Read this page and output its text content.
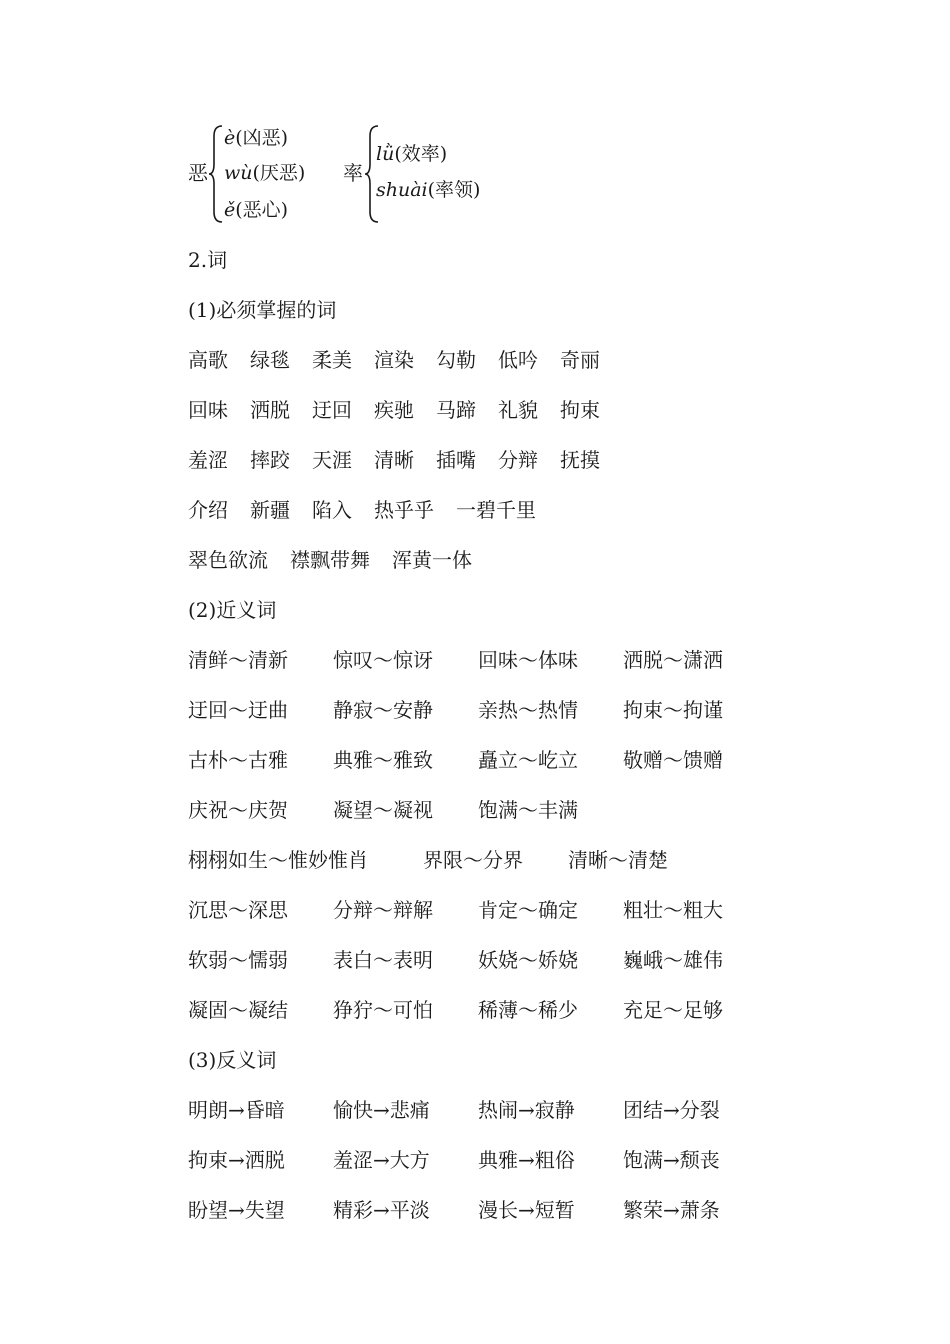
恶
è(凶恶)
wù(厌恶)
ě(恶心)
率
lǜ(效率)
shuài(率领)
2.词
(1)必须掌握的词
高歌 绿毯 柔美 渲染 勾勒 低吟 奇丽
回味 洒脱 迂回 疾驰 马蹄 礼貌 拘束
羞涩 摔跤 天涯 清晰 插嘴 分辩 抚摸
介绍 新疆 陷入 热乎乎 一碧千里
翠色欲流 襟飘带舞 浑黄一体
(2)近义词
清鲜～清新 惊叹～惊讶 回味～体味 洒脱～潇洒
迂回～迂曲 静寂～安静 亲热～热情 拘束～拘谨
古朴～古雅 典雅～雅致 矗立～屹立 敬赠～馈赠
庆祝～庆贺 凝望～凝视 饱满～丰满
栩栩如生～惟妙惟肖	界限～分界 清晰～清楚
沉思～深思 分辩～辩解 肯定～确定 粗壮～粗大
软弱～懦弱 表白～表明 妖娆～娇娆 巍峨～雄伟
凝固～凝结 狰狞～可怕 稀薄～稀少 充足～足够
(3)反义词
明朗→昏暗 愉快→悲痛 热闹→寂静 团结→分裂
拘束→洒脱 羞涩→大方 典雅→粗俗 饱满→颓丧
盼望→失望 精彩→平淡 漫长→短暂 繁荣→萧条
